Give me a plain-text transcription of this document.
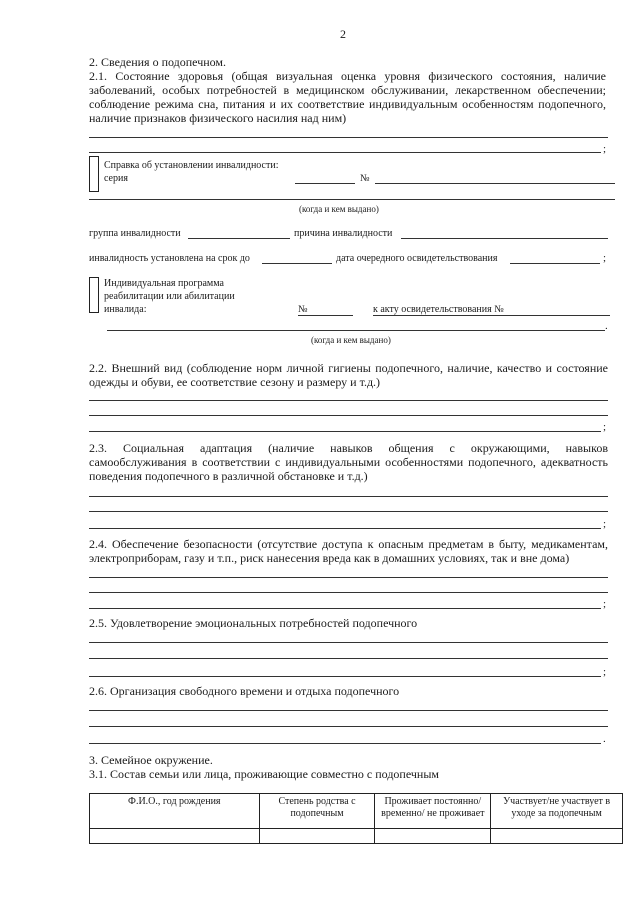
2
2. Сведения о подопечном.
2.1. Состояние здоровья (общая визуальная оценка уровня физического состояния, наличие
заболеваний, особых потребностей в медицинском обслуживании, лекарственном обеспечении;
соблюдение режима сна, питания и их соответствие индивидуальным особенностям подопечного,
наличие признаков физического насилия над ним)
;
Справка об установлении инвалидности:
серия	№
(когда и кем выдано)
группа инвалидности	причина инвалидности
инвалидность установлена на срок до	дата очередного освидетельствования	;
Индивидуальная программа
реабилитации или абилитации
инвалида:	№	к акту освидетельствования №
.
(когда и кем выдано)
2.2. Внешний вид (соблюдение норм личной гигиены подопечного, наличие, качество и состояние
одежды и обуви, ее соответствие сезону и размеру и т.д.)
;
2.3. Социальная адаптация (наличие навыков общения с окружающими, навыков
самообслуживания в соответствии с индивидуальными особенностями подопечного, адекватность
поведения подопечного в различной обстановке и т.д.)
;
2.4. Обеспечение безопасности (отсутствие доступа к опасным предметам в быту, медикаментам,
электроприборам, газу и т.п., риск нанесения вреда как в домашних условиях, так и вне дома)
;
2.5. Удовлетворение эмоциональных потребностей подопечного
;
2.6. Организация свободного времени и отдыха подопечного
.
3. Семейное окружение.
3.1. Состав семьи или лица, проживающие совместно с подопечным
Ф.И.О., год рождения	Степень родства с подопечным	Проживает постоянно/временно/ не проживает	Участвует/не участвует в уходе за подопечным
